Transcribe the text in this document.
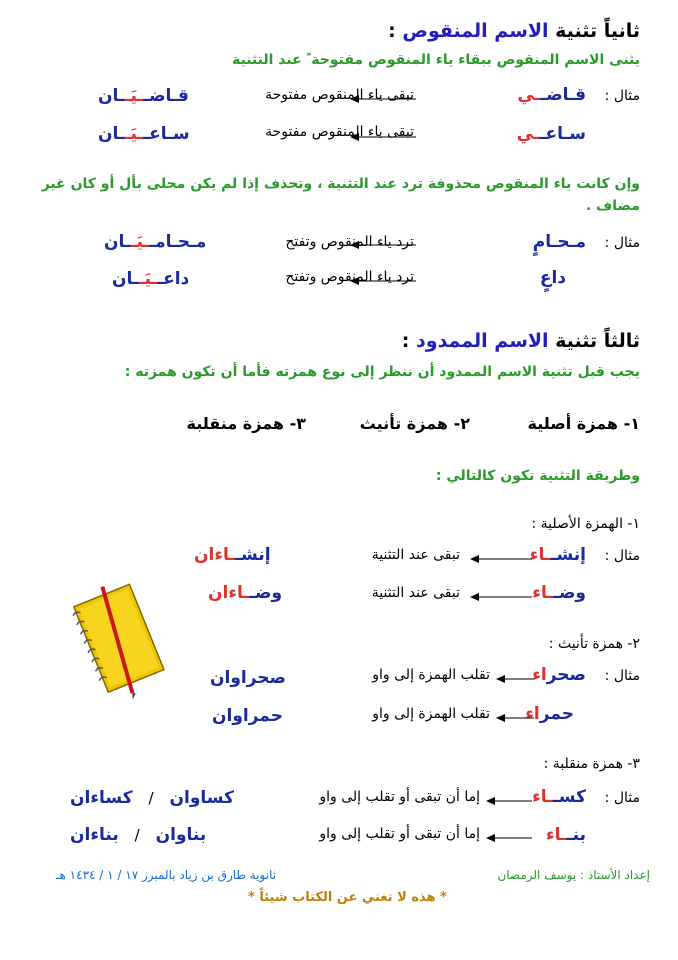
ثانياً تثنية الاسم المنقوص :
يثنى الاسم المنقوص ببقاء ياء المنقوص مفتوحة ً عند التثنية
مثال :
قـاضــي
تبقى ياء المنقوص مفتوحة
قـاضــيَــان
سـاعــي
تبقى ياء المنقوص مفتوحة
سـاعــيَــان
وإن كانت ياء المنقوص محذوفة ترد عند التثنية ، وتحذف إذا لم يكن محلى بأل أو كان غير
مضاف .
مثال :
مـحـامٍ
ترد ياء المنقوص وتفتح
مـحـامــيَــان
داعٍ
ترد ياء المنقوص وتفتح
داعــيَــان
ثالثاً تثنية الاسم الممدود :
يجب قبل تثنية الاسم الممدود أن ننظر إلى نوع همزته فأما أن تكون همزته :
١- همزة أصلية
٢- همزة تأنيث
٣- همزة منقلبة
وطريقة التثنية تكون كالتالي :
١- الهمزة الأصلية :
مثال :
إنشــاء
تبقى عند التثنية
إنشــاءان
وضــاء
تبقى عند التثنية
وضــاءان
٢- همزة تأنيث :
مثال :
صحراء
تقلب الهمزة إلى واو
صحراوان
حمراء
تقلب الهمزة إلى واو
حمراوان
٣- همزة منقلبة :
مثال :
كســاء
إما أن تبقى أو تقلب إلى واو
كساوان / كساءان
بنــاء
إما أن تبقى أو تقلب إلى واو
بناوان / بناءان
إعداد الأستاذ : يوسف الرمضان
ثانوية طارق بن زياد بالمبرز ١٧ / ١ / ١٤٣٤ هـ
* هذه لا تغني عن الكتاب شيئاً *
